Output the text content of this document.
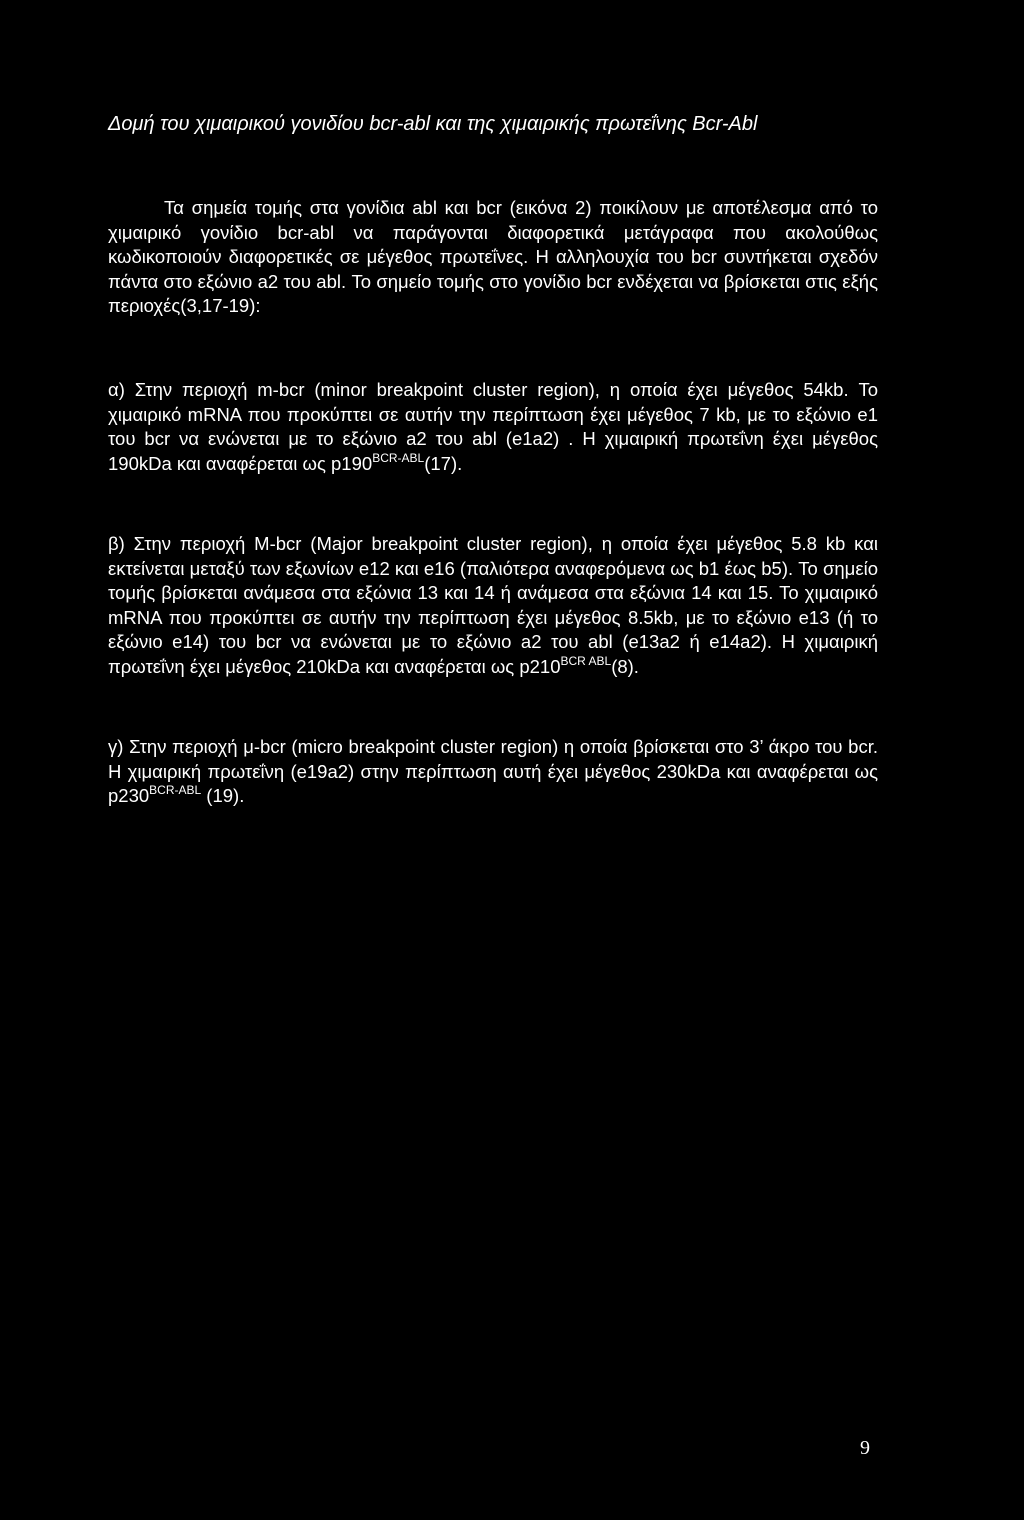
Δομή του χιμαιρικού γονιδίου bcr-abl και της χιμαιρικής πρωτεΐνης Bcr-Abl

Τα σημεία τομής στα γονίδια abl και bcr (εικόνα 2) ποικίλουν με αποτέλεσμα από το χιμαιρικό γονίδιο bcr-abl να παράγονται διαφορετικά μετάγραφα που ακολούθως κωδικοποιούν διαφορετικές σε μέγεθος πρωτεΐνες. Η αλληλουχία του bcr συντήκεται σχεδόν πάντα στο εξώνιο a2 του abl. Το σημείο τομής στο γονίδιο bcr ενδέχεται να βρίσκεται στις εξής περιοχές(3,17-19):

α) Στην περιοχή m-bcr (minor breakpoint cluster region), η οποία έχει μέγεθος 54kb. Το χιμαιρικό mRNA που προκύπτει σε αυτήν την περίπτωση έχει μέγεθος 7 kb, με το εξώνιο e1 του bcr να ενώνεται με το εξώνιο a2 του abl (e1a2) . Η χιμαιρική πρωτεΐνη έχει μέγεθος 190kDa και αναφέρεται ως $p190^{BCR-ABL}(17)$.

β) Στην περιοχή M-bcr (Major breakpoint cluster region), η οποία έχει μέγεθος 5.8 kb και εκτείνεται μεταξύ των εξωνίων e12 και e16 (παλιότερα αναφερόμενα ως b1 έως b5). Το σημείο τομής βρίσκεται ανάμεσα στα εξώνια 13 και 14 ή ανάμεσα στα εξώνια 14 και 15. Το χιμαιρικό mRNA που προκύπτει σε αυτήν την περίπτωση έχει μέγεθος 8.5kb, με το εξώνιο e13 (ή το εξώνιο e14) του bcr να ενώνεται με το εξώνιο a2 του abl (e13a2 ή e14a2). Η χιμαιρική πρωτεΐνη έχει μέγεθος 210kDa και αναφέρεται ως $p210^{BCR ABL}(8)$.

γ) Στην περιοχή μ-bcr (micro breakpoint cluster region) η οποία βρίσκεται στο 3’ άκρο του bcr. Η χιμαιρική πρωτεΐνη (e19a2) στην περίπτωση αυτή έχει μέγεθος 230kDa και αναφέρεται ως $p230^{BCR-ABL}$ (19).

9
